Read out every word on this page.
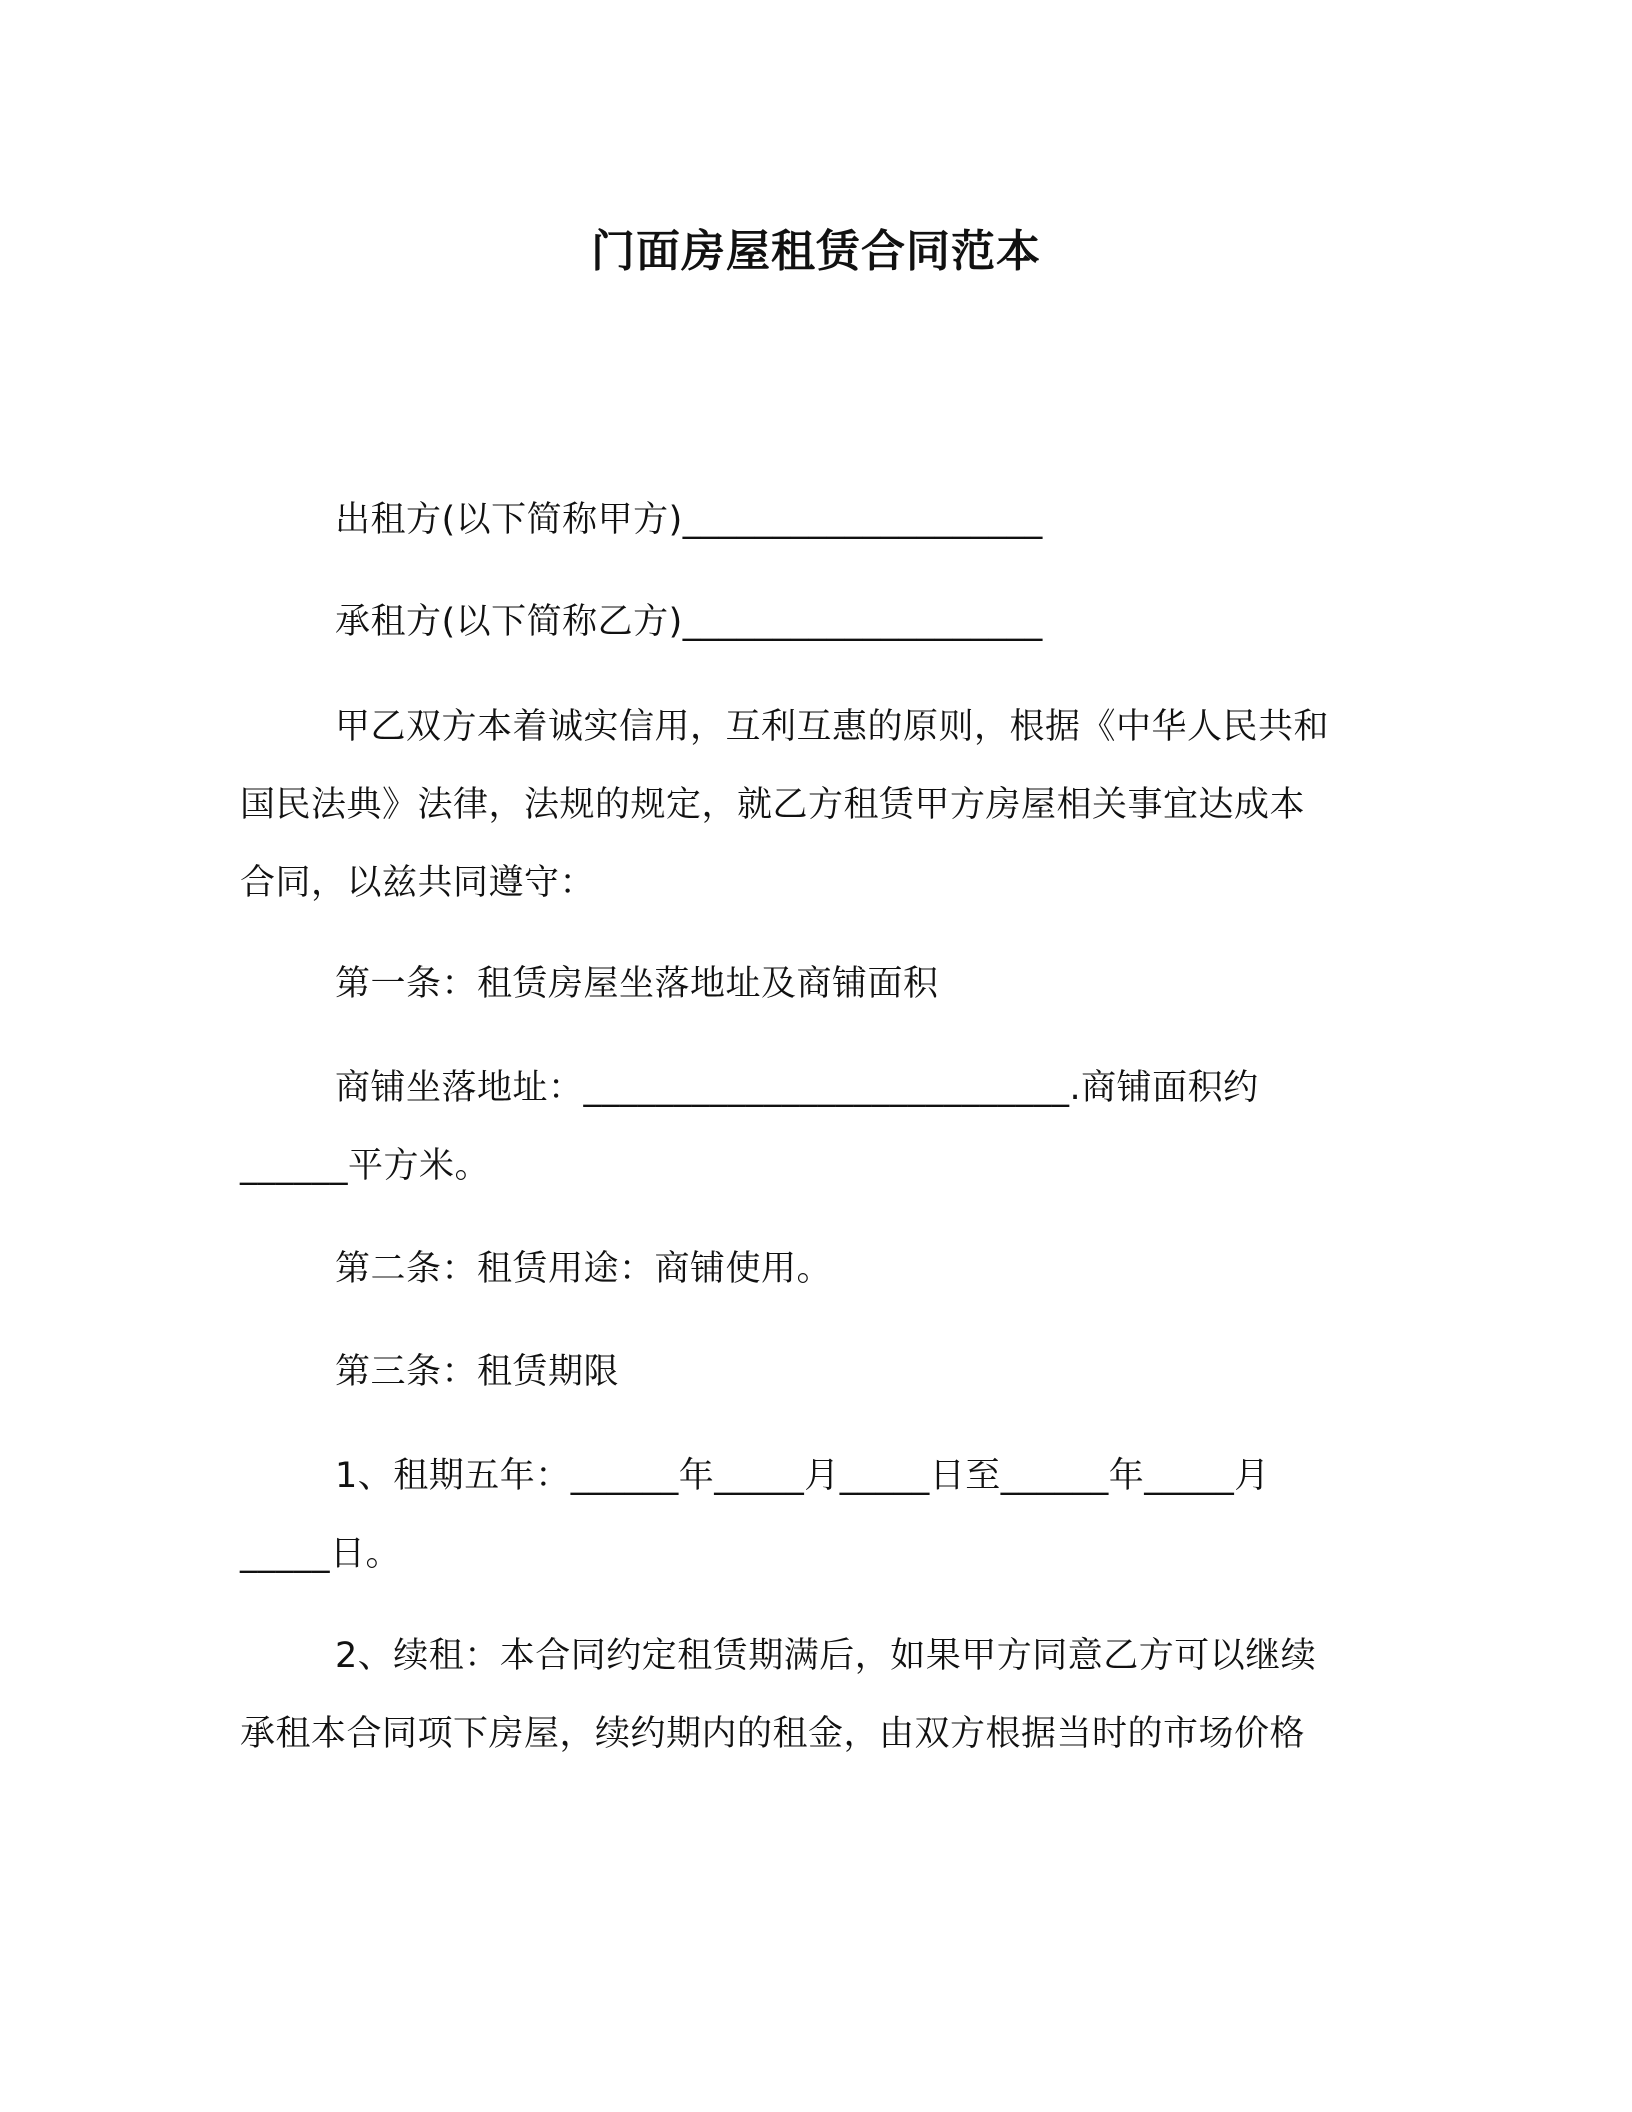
门面房屋租赁合同范本

出租方(以下简称甲方)____________________

承租方(以下简称乙方)____________________

甲乙双方本着诚实信用，互利互惠的原则，根据《中华人民共和
国民法典》法律，法规的规定，就乙方租赁甲方房屋相关事宜达成本
合同，以兹共同遵守：

第一条：租赁房屋坐落地址及商铺面积

商铺坐落地址：___________________________.商铺面积约
______平方米。

第二条：租赁用途：商铺使用。

第三条：租赁期限

1、租期五年：______年_____月_____日至______年_____月
_____日。

2、续租：本合同约定租赁期满后，如果甲方同意乙方可以继续
承租本合同项下房屋，续约期内的租金，由双方根据当时的市场价格
